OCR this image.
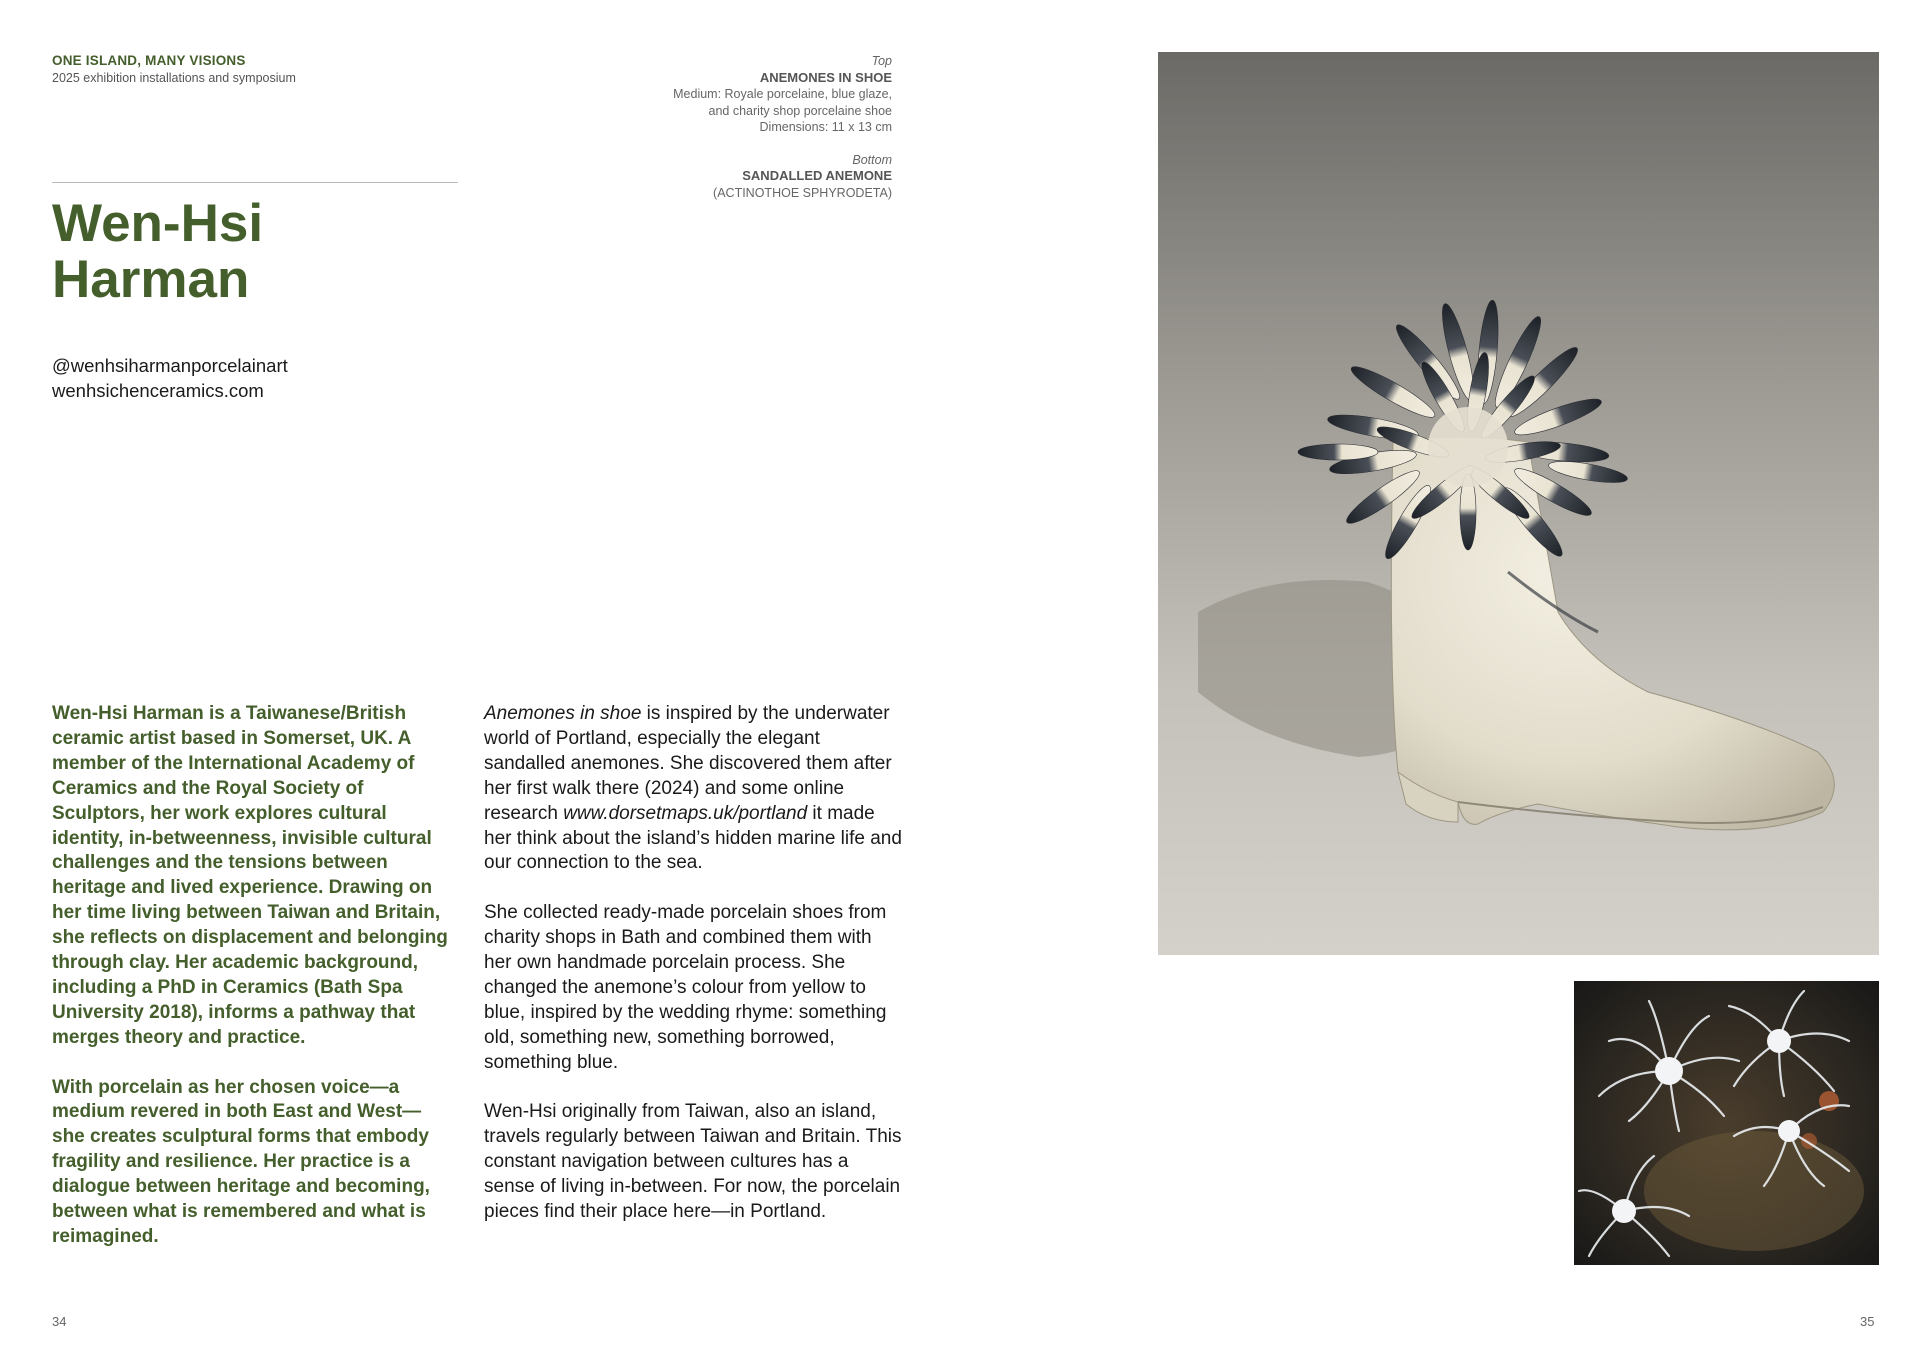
ONE ISLAND, MANY VISIONS
2025 exhibition installations and symposium
Top
ANEMONES IN SHOE
Medium: Royale porcelaine, blue glaze,
and charity shop porcelaine shoe
Dimensions: 11 x 13 cm
Bottom
SANDALLED ANEMONE
(ACTINOTHOE SPHYRODETA)
Wen-Hsi
Harman
@wenhsiharmanporcelainart
wenhsichenceramics.com

Wen-Hsi Harman is a Taiwanese/British ceramic artist based in Somerset, UK. A member of the International Academy of Ceramics and the Royal Society of Sculptors, her work explores cultural identity, in-betweenness, invisible cultural challenges and the tensions between heritage and lived experience. Drawing on her time living between Taiwan and Britain, she reflects on displacement and belonging through clay. Her academic background, including a PhD in Ceramics (Bath Spa University 2018), informs a pathway that merges theory and practice.

With porcelain as her chosen voice—a medium revered in both East and West—she creates sculptural forms that embody fragility and resilience. Her practice is a dialogue between heritage and becoming, between what is remembered and what is reimagined.

Anemones in shoe is inspired by the underwater world of Portland, especially the elegant sandalled anemones. She discovered them after her first walk there (2024) and some online research www.dorsetmaps.uk/portland it made her think about the island’s hidden marine life and our connection to the sea.

She collected ready-made porcelain shoes from charity shops in Bath and combined them with her own handmade porcelain process. She changed the anemone’s colour from yellow to blue, inspired by the wedding rhyme: something old, something new, something borrowed, something blue.

Wen-Hsi originally from Taiwan, also an island, travels regularly between Taiwan and Britain. This constant navigation between cultures has a sense of living in-between. For now, the porcelain pieces find their place here—in Portland.

34	35
